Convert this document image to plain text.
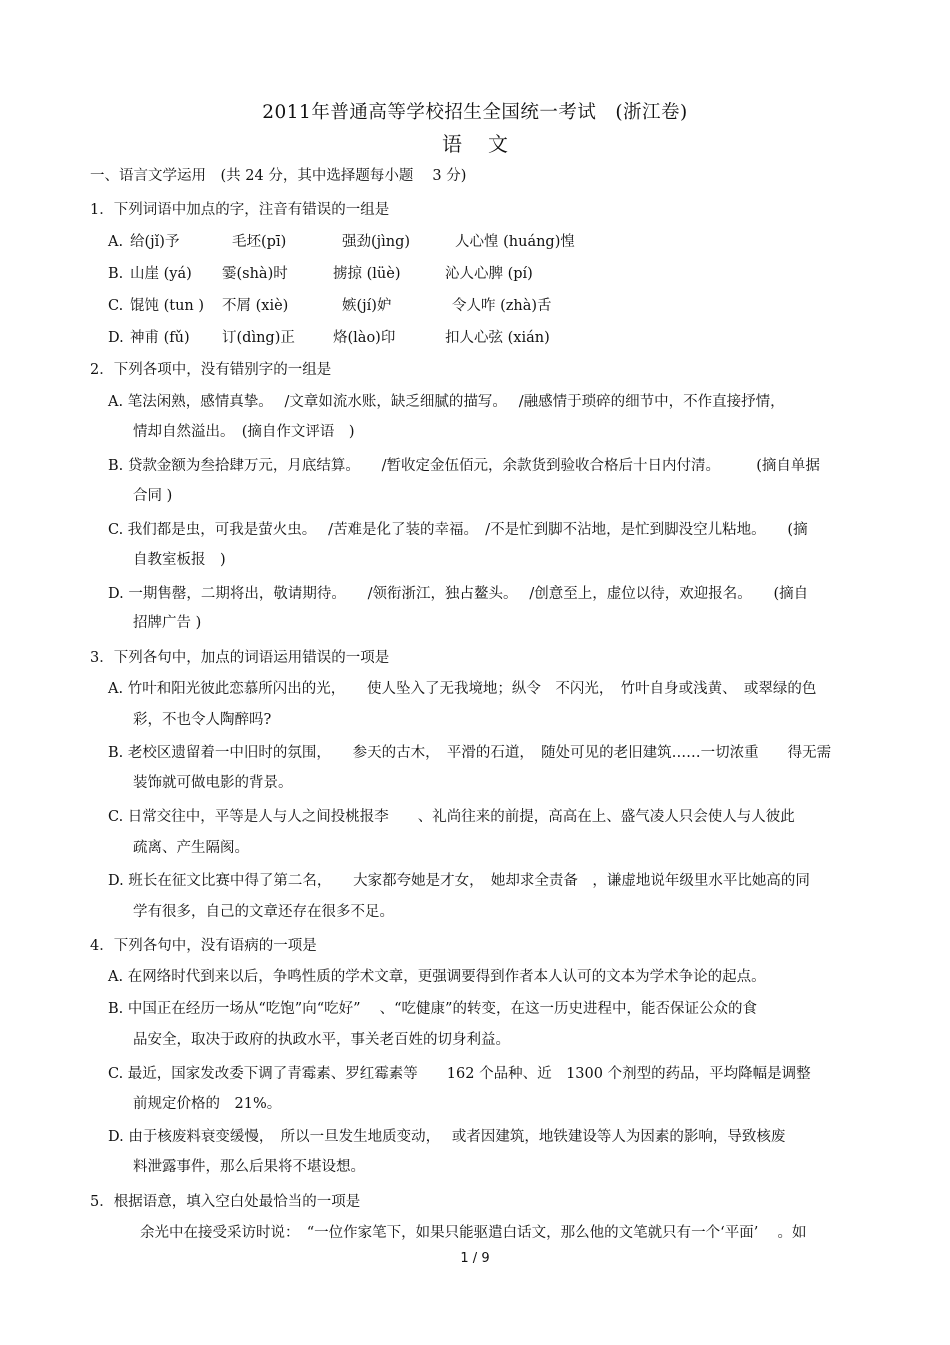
2011年普通高等学校招生全国统一考试　(浙江卷)
语文
一、语言文学运用　(共 24 分，其中选择题每小题　 3 分)
1．下列词语中加点的字，注音有错误的一组是
A. 给(jǐ)予	毛坯(pī)	强劲(jìng)	人心惶 (huáng)惶
B. 山崖 (yá) 霎(shà)时	掳掠 (lüè)	沁人心脾 (pí)
C. 馄饨 (tun ) 不屑 (xiè)	嫉(jí)妒	令人咋 (zhà)舌
D. 神甫 (fǔ) 订(dìng)正	烙(lào)印	扣人心弦 (xián)
2．下列各项中，没有错别字的一组是
A. 笔法闲熟，感情真挚。　 /文章如流水账，缺乏细腻的描写。　 /融感情于琐碎的细节中，不作直接抒情，
情却自然溢出。　(摘自作文评语　)
B. 贷款金额为叁拾肆万元，月底结算。　　/暂收定金伍佰元，余款货到验收合格后十日内付清。　　　(摘自单据
合同 )
C. 我们都是虫，可我是萤火虫。　 /苦难是化了装的幸福。　/不是忙到脚不沾地，是忙到脚没空儿粘地。　　(摘
自教室板报　)
D. 一期售罄，二期将出，敬请期待。　　/领衔浙江，独占鳌头。　 /创意至上，虚位以待，欢迎报名。　　(摘自
招牌广告 )
3．下列各句中，加点的词语运用错误的一项是
A. 竹叶和阳光彼此恋慕所闪出的光，　　使人坠入了无我境地；纵令　不闪光，　竹叶自身或浅黄、　或翠绿的色
彩，不也令人陶醉吗?
B. 老校区遗留着一中旧时的氛围，　　参天的古木，　平滑的石道，　随处可见的老旧建筑……一切浓重　　得无需
装饰就可做电影的背景。
C. 日常交往中，平等是人与人之间投桃报李　　、礼尚往来的前提，高高在上、盛气凌人只会使人与人彼此
疏离、产生隔阂。
D. 班长在征文比赛中得了第二名，　　大家都夸她是才女，　她却求全责备　，谦虚地说年级里水平比她高的同
学有很多，自己的文章还存在很多不足。
4．下列各句中，没有语病的一项是
A. 在网络时代到来以后，争鸣性质的学术文章，更强调要得到作者本人认可的文本为学术争论的起点。
B. 中国正在经历一场从“吃饱”向“吃好”　 、“吃健康”的转变，在这一历史进程中，能否保证公众的食
品安全，取决于政府的执政水平，事关老百姓的切身利益。
C. 最近，国家发改委下调了青霉素、罗红霉素等　　162 个品种、近　1300 个剂型的药品，平均降幅是调整
前规定价格的　21%。
D. 由于核废料衰变缓慢，　所以一旦发生地质变动，　 或者因建筑，地铁建设等人为因素的影响，导致核废
料泄露事件，那么后果将不堪设想。
5．根据语意，填入空白处最恰当的一项是
余光中在接受采访时说：　“一位作家笔下，如果只能驱遣白话文，那么他的文笔就只有一个‘平面’　 。如
1 / 9
